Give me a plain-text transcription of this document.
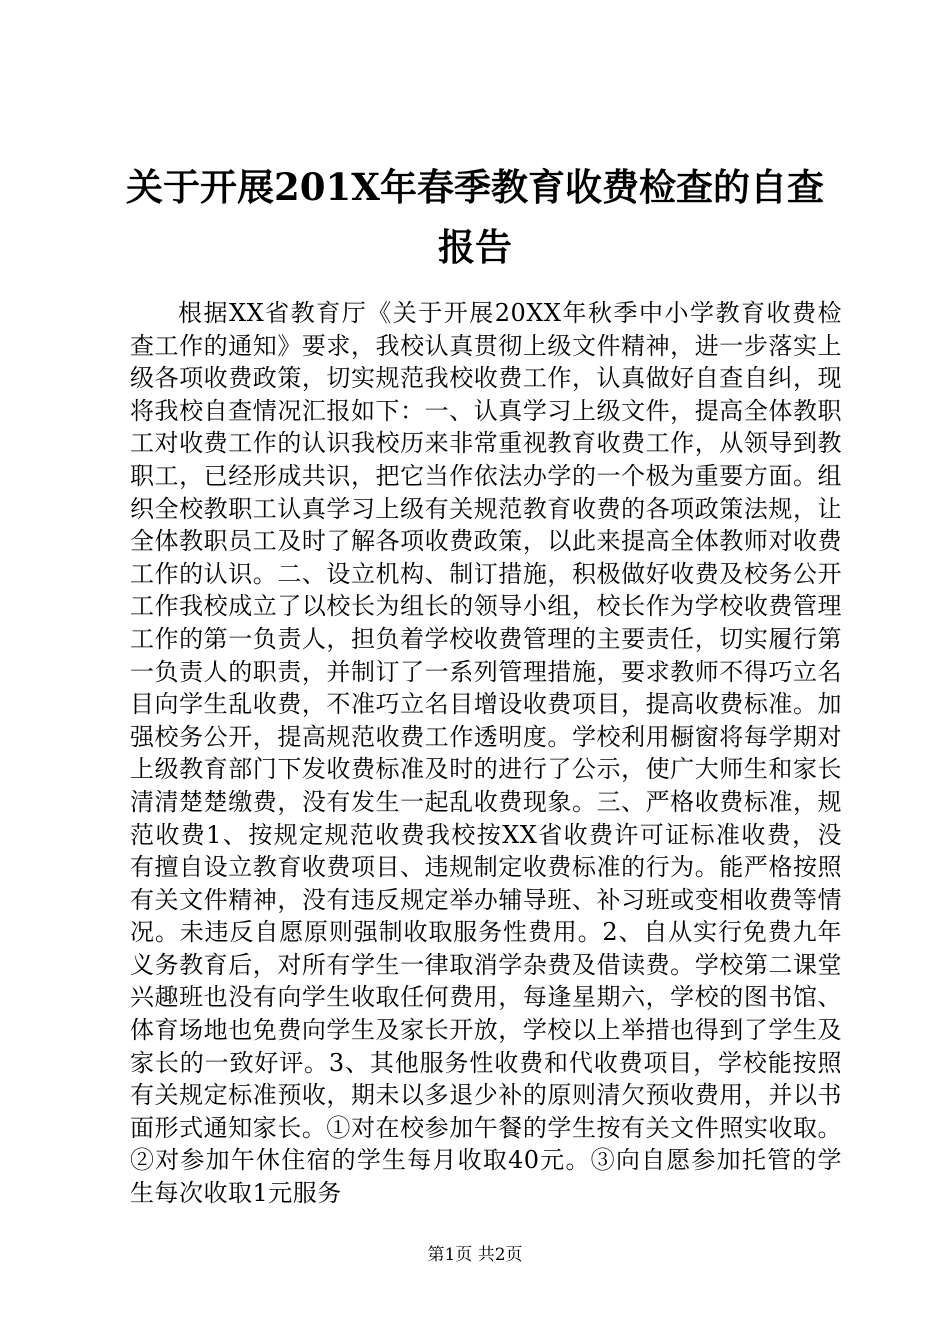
关于开展201X年春季教育收费检查的自查报告
根据XX省教育厅《关于开展20XX年秋季中小学教育收费检查工作的通知》要求，我校认真贯彻上级文件精神，进一步落实上级各项收费政策，切实规范我校收费工作，认真做好自查自纠，现将我校自查情况汇报如下：一、认真学习上级文件，提高全体教职工对收费工作的认识我校历来非常重视教育收费工作，从领导到教职工，已经形成共识，把它当作依法办学的一个极为重要方面。组织全校教职工认真学习上级有关规范教育收费的各项政策法规，让全体教职员工及时了解各项收费政策，以此来提高全体教师对收费工作的认识。二、设立机构、制订措施，积极做好收费及校务公开工作我校成立了以校长为组长的领导小组，校长作为学校收费管理工作的第一负责人，担负着学校收费管理的主要责任，切实履行第一负责人的职责，并制订了一系列管理措施，要求教师不得巧立名目向学生乱收费，不准巧立名目增设收费项目，提高收费标准。加强校务公开，提高规范收费工作透明度。学校利用橱窗将每学期对上级教育部门下发收费标准及时的进行了公示，使广大师生和家长清清楚楚缴费，没有发生一起乱收费现象。三、严格收费标准，规范收费1、按规定规范收费我校按XX省收费许可证标准收费，没有擅自设立教育收费项目、违规制定收费标准的行为。能严格按照有关文件精神，没有违反规定举办辅导班、补习班或变相收费等情况。未违反自愿原则强制收取服务性费用。2、自从实行免费九年义务教育后，对所有学生一律取消学杂费及借读费。学校第二课堂兴趣班也没有向学生收取任何费用，每逢星期六，学校的图书馆、体育场地也免费向学生及家长开放，学校以上举措也得到了学生及家长的一致好评。3、其他服务性收费和代收费项目，学校能按照有关规定标准预收，期未以多退少补的原则清欠预收费用，并以书面形式通知家长。①对在校参加午餐的学生按有关文件照实收取。②对参加午休住宿的学生每月收取40元。③向自愿参加托管的学生每次收取1元服务
第1页 共2页
